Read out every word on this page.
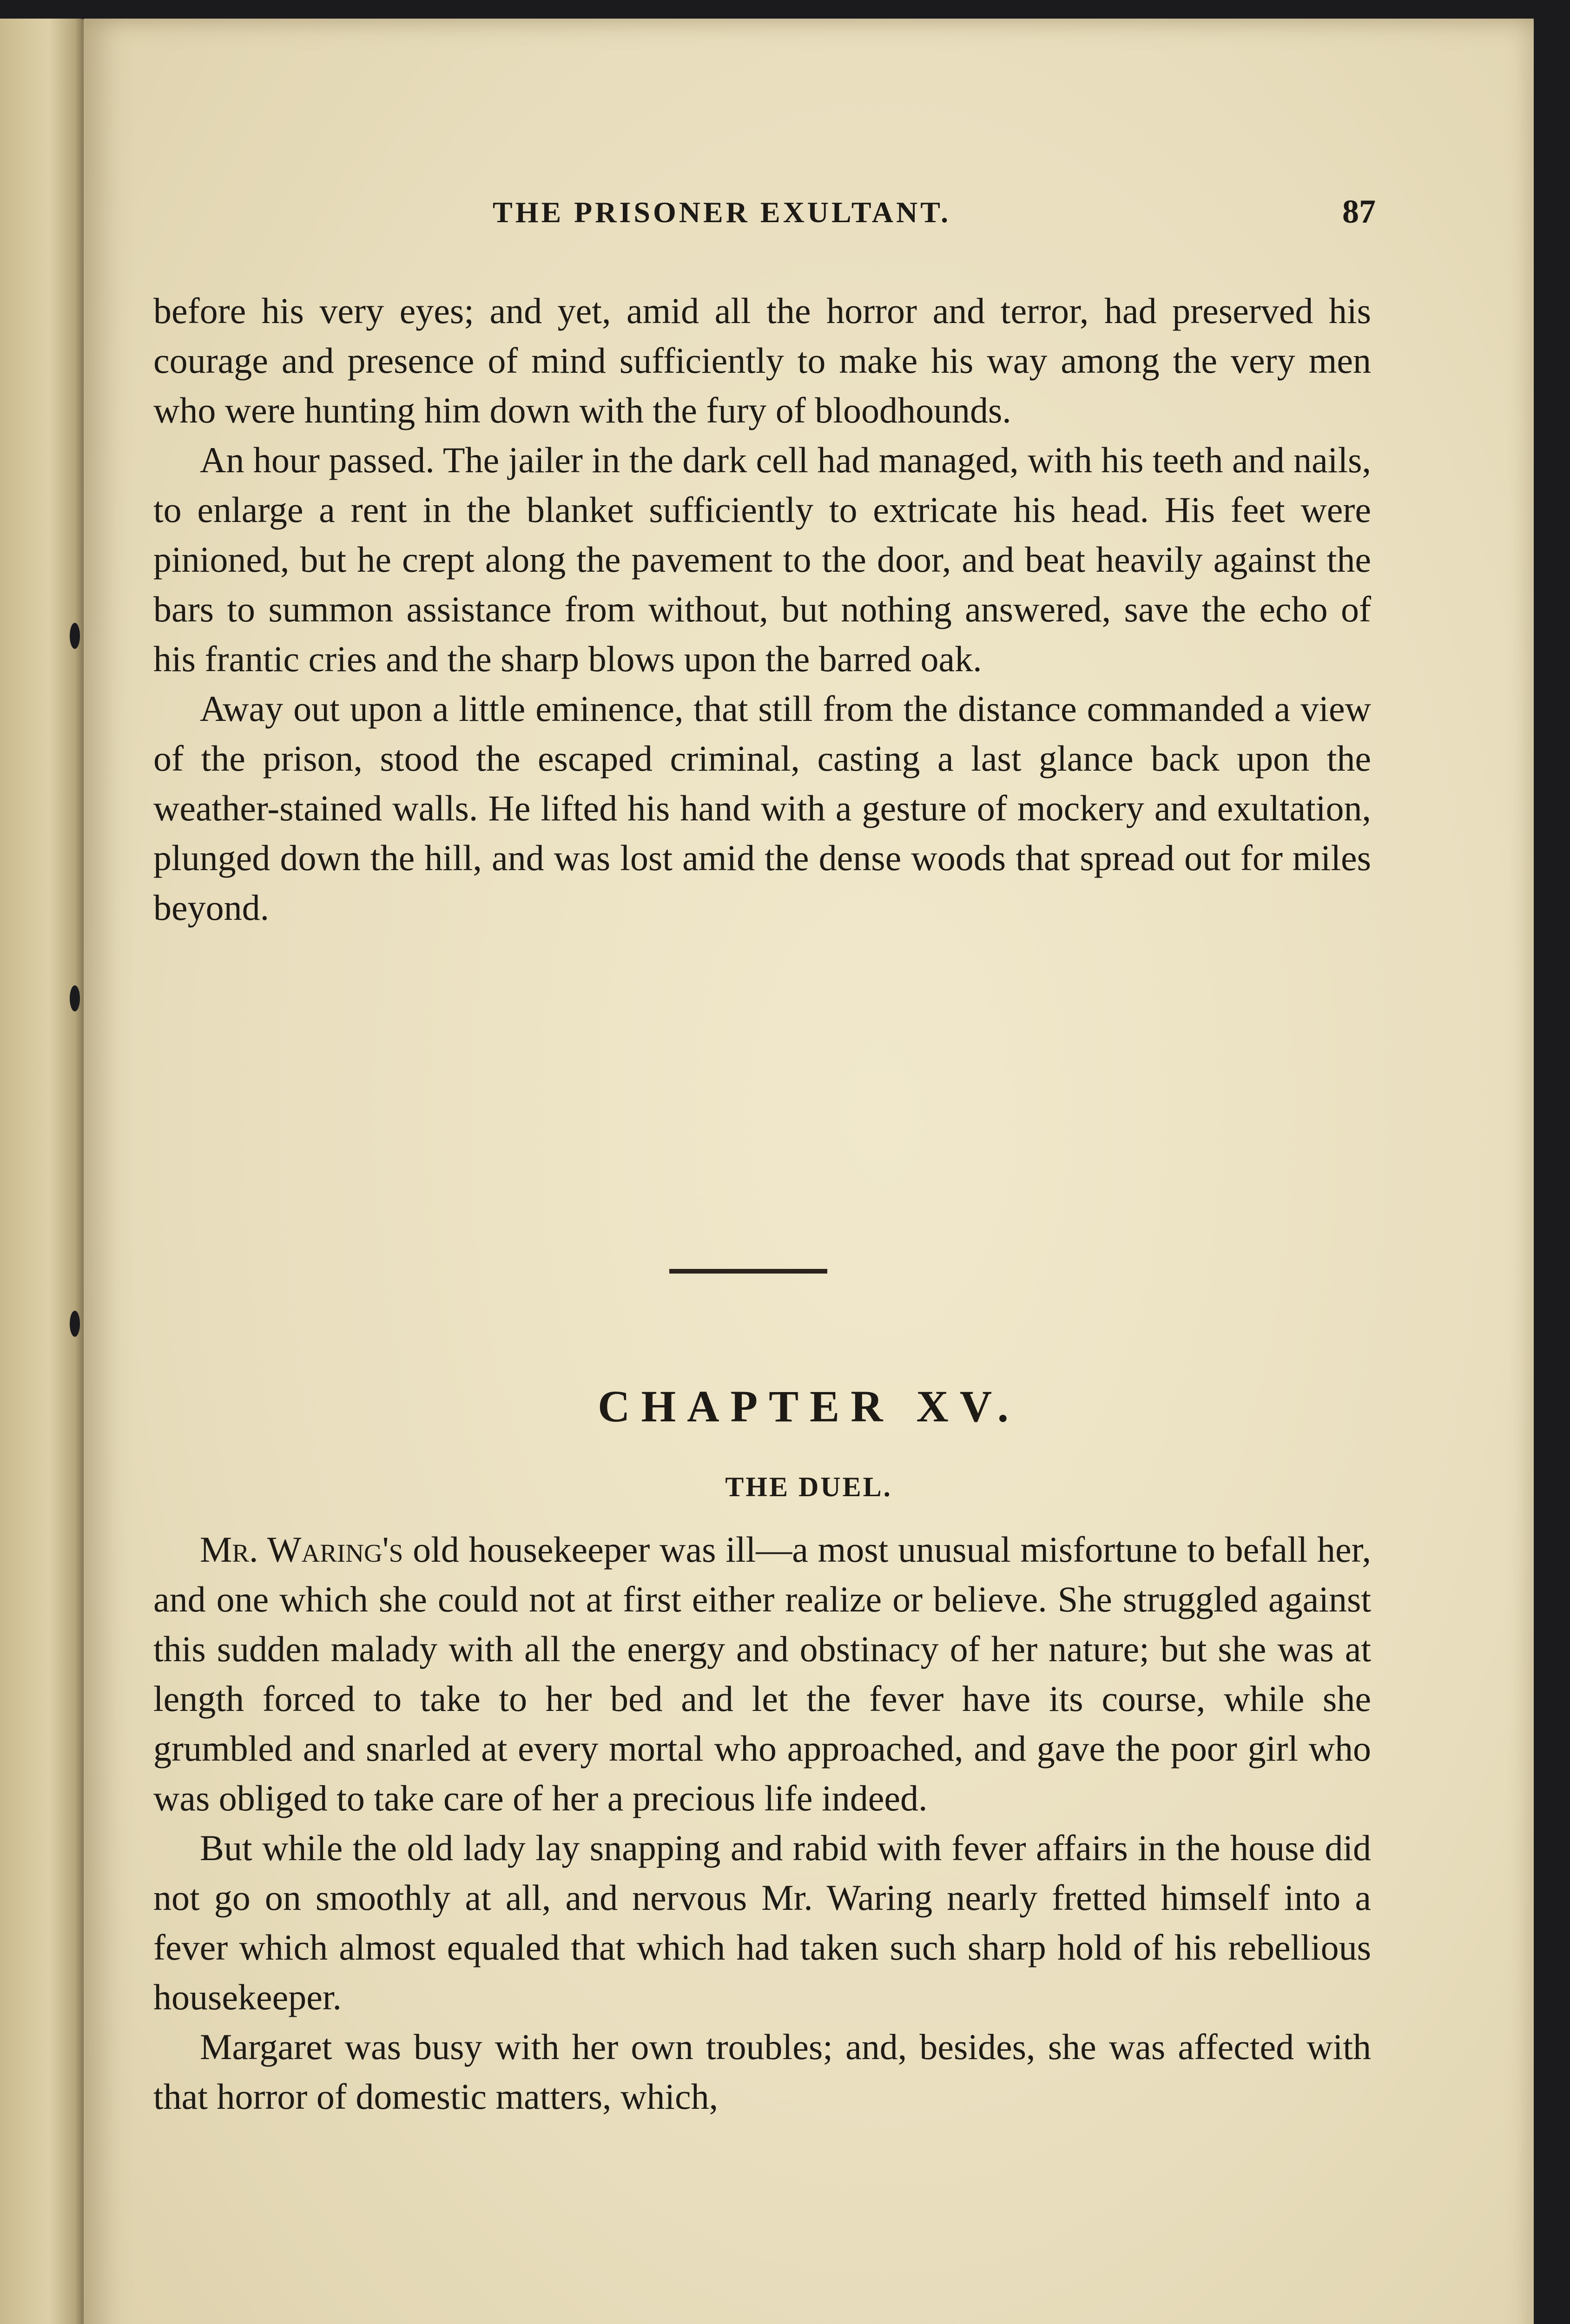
THE PRISONER EXULTANT.	87

before his very eyes; and yet, amid all the horror and terror, had preserved his courage and presence of mind sufficiently to make his way among the very men who were hunting him down with the fury of bloodhounds.

An hour passed. The jailer in the dark cell had managed, with his teeth and nails, to enlarge a rent in the blanket sufficiently to extricate his head. His feet were pinioned, but he crept along the pavement to the door, and beat heavily against the bars to summon assistance from without, but nothing answered, save the echo of his frantic cries and the sharp blows upon the barred oak.

Away out upon a little eminence, that still from the distance commanded a view of the prison, stood the escaped criminal, casting a last glance back upon the weather-stained walls. He lifted his hand with a gesture of mockery and exultation, plunged down the hill, and was lost amid the dense woods that spread out for miles beyond.

CHAPTER XV.
THE DUEL.

Mr. Waring's old housekeeper was ill—a most unusual misfortune to befall her, and one which she could not at first either realize or believe. She struggled against this sudden malady with all the energy and obstinacy of her nature; but she was at length forced to take to her bed and let the fever have its course, while she grumbled and snarled at every mortal who approached, and gave the poor girl who was obliged to take care of her a precious life indeed.

But while the old lady lay snapping and rabid with fever affairs in the house did not go on smoothly at all, and nervous Mr. Waring nearly fretted himself into a fever which almost equaled that which had taken such sharp hold of his rebellious housekeeper.

Margaret was busy with her own troubles; and, besides, she was affected with that horror of domestic matters, which,
